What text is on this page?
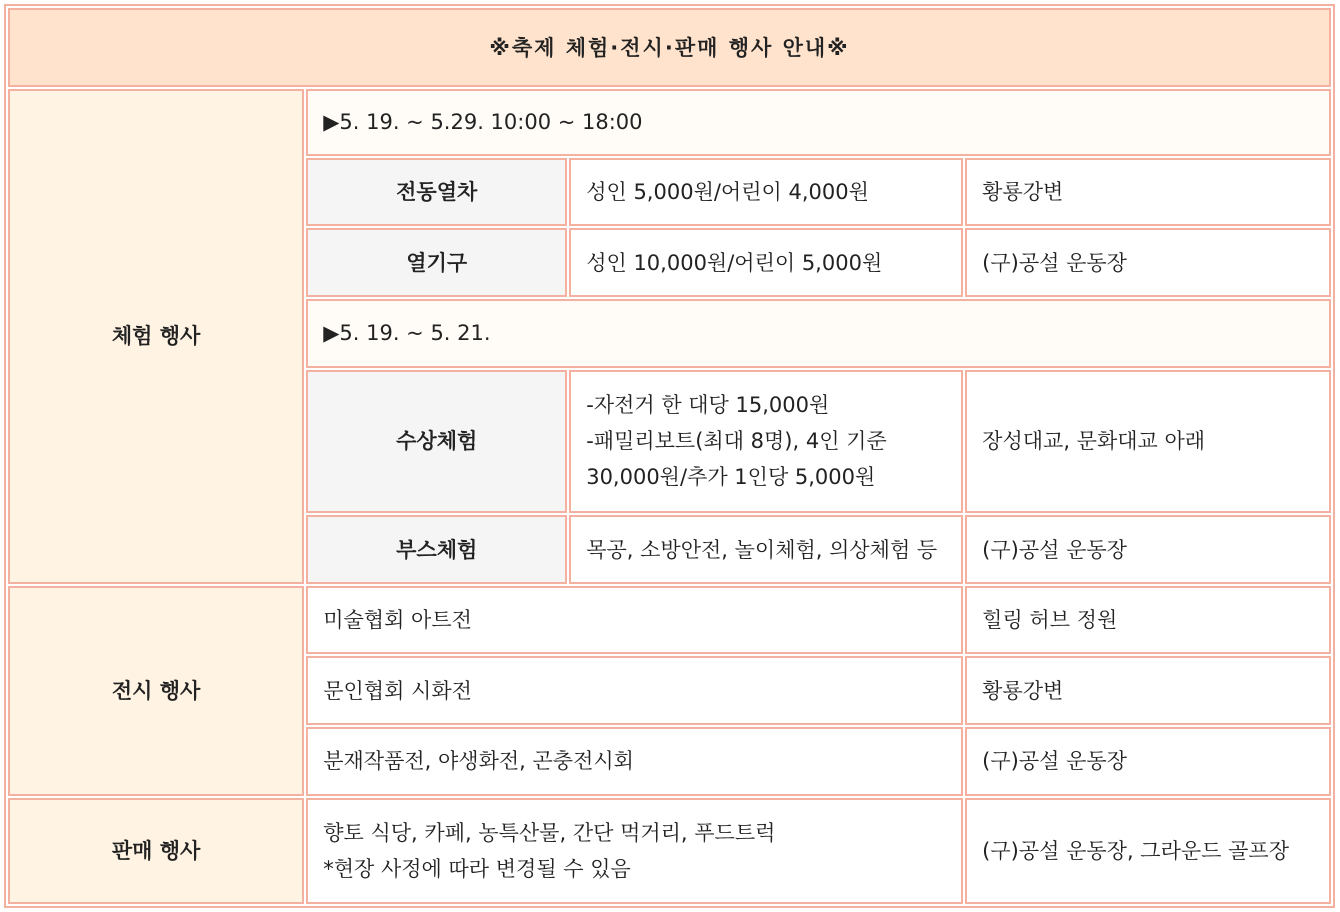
※축제 체험·전시·판매 행사 안내※			
체험 행사	▶5. 19. ~ 5.29. 10:00 ~ 18:00		
	전동열차	성인 5,000원/어린이 4,000원	황룡강변
	열기구	성인 10,000원/어린이 5,000원	(구)공설 운동장
	▶5. 19. ~ 5. 21.		
	수상체험	-자전거 한 대당 15,000원
-패밀리보트(최대 8명), 4인 기준
30,000원/추가 1인당 5,000원	장성대교, 문화대교 아래
	부스체험	목공, 소방안전, 놀이체험, 의상체험 등	(구)공설 운동장
전시 행사	미술협회 아트전		힐링 허브 정원
	문인협회 시화전		황룡강변
	분재작품전, 야생화전, 곤충전시회		(구)공설 운동장
판매 행사	향토 식당, 카페, 농특산물, 간단 먹거리, 푸드트럭
*현장 사정에 따라 변경될 수 있음		(구)공설 운동장, 그라운드 골프장
